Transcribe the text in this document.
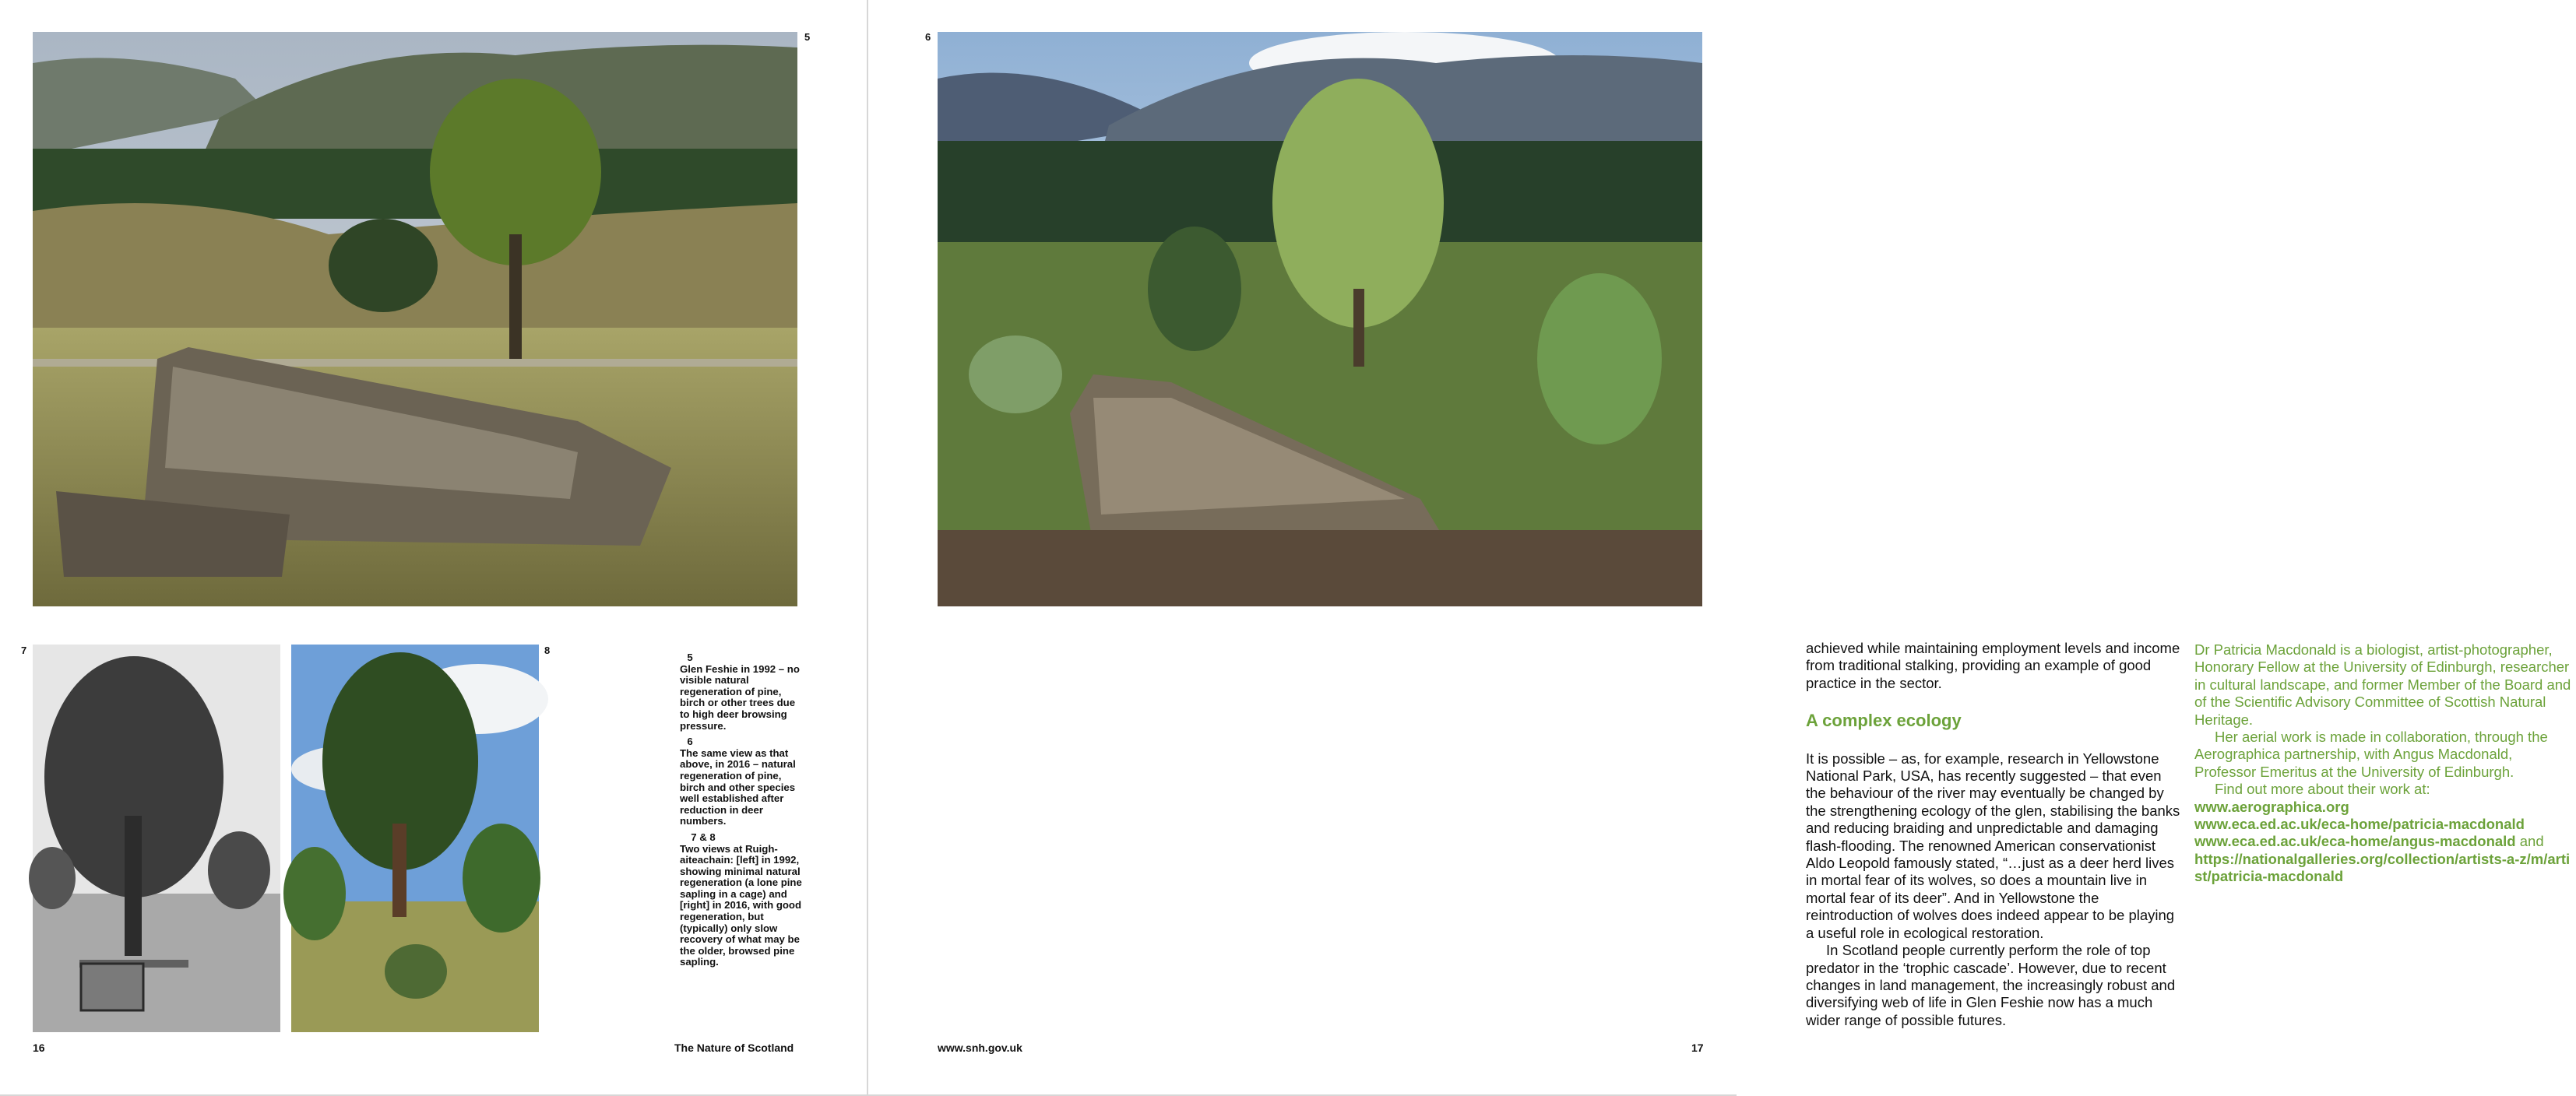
5
7	8
5
Glen Feshie in 1992 – no visible natural regeneration of pine, birch or other trees due to high deer browsing pressure.
6
The same view as that above, in 2016 – natural regeneration of pine, birch and other species well established after reduction in deer numbers.
7 & 8
Two views at Ruigh-aiteachain: [left] in 1992, showing minimal natural regeneration (a lone pine sapling in a cage) and [right] in 2016, with good regeneration, but (typically) only slow recovery of what may be the older, browsed pine sapling.
16	The Nature of Scotland
6

achieved while maintaining employment levels and income from traditional stalking, providing an example of good practice in the sector.

A complex ecology

It is possible – as, for example, research in Yellowstone National Park, USA, has recently suggested – that even the behaviour of the river may eventually be changed by the strengthening ecology of the glen, stabilising the banks and reducing braiding and unpredictable and damaging flash-flooding. The renowned American conservationist Aldo Leopold famously stated, “…just as a deer herd lives in mortal fear of its wolves, so does a mountain live in mortal fear of its deer”. And in Yellowstone the reintroduction of wolves does indeed appear to be playing a useful role in ecological restoration.

In Scotland people currently perform the role of top predator in the ‘trophic cascade’. However, due to recent changes in land management, the increasingly robust and diversifying web of life in Glen Feshie now has a much wider range of possible futures.

Dr Patricia Macdonald is a biologist, artist-photographer, Honorary Fellow at the University of Edinburgh, researcher in cultural landscape, and former Member of the Board and of the Scientific Advisory Committee of Scottish Natural Heritage.

Her aerial work is made in collaboration, through the Aerographica partnership, with Angus Macdonald, Professor Emeritus at the University of Edinburgh.

Find out more about their work at:

www.aerographica.org
www.eca.ed.ac.uk/eca-home/patricia-macdonald
www.eca.ed.ac.uk/eca-home/angus-macdonald and
https://nationalgalleries.org/collection/artists-a-z/m/artist/patricia-macdonald
www.snh.gov.uk	17
